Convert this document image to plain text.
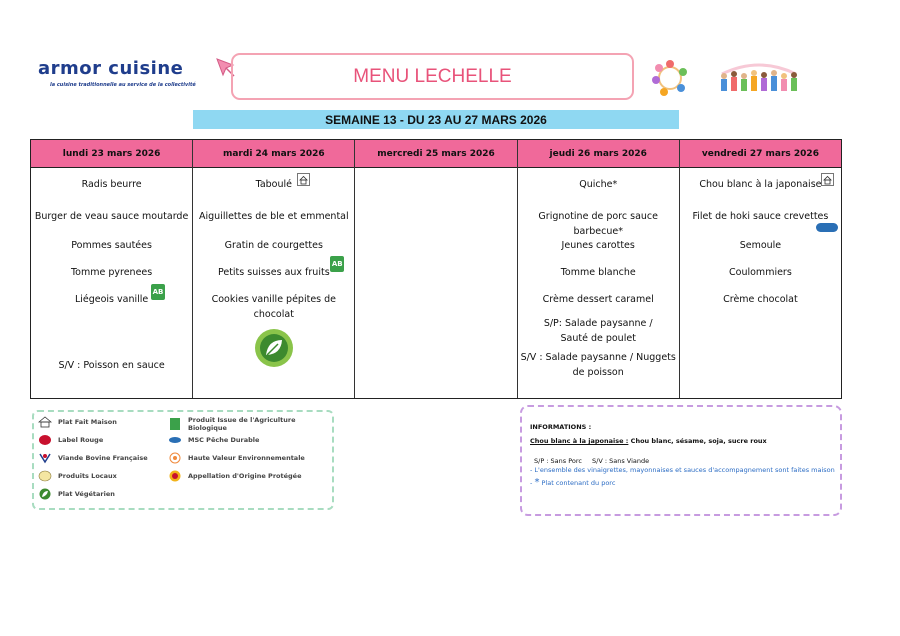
armor cuisine
la cuisine traditionnelle au service de la collectivité	MENU LECHELLE
SEMAINE 13 - DU 23 AU 27 MARS 2026
lundi 23 mars 2026
Radis beurre
Burger de veau sauce moutarde
Pommes sautées
Tomme pyrenees
Liégeois vanille
AB
S/V : Poisson en sauce
mardi 24 mars 2026
Taboulé
Aiguillettes de ble et emmental
Gratin de courgettes
Petits suisses aux fruits
AB
Cookies vanille pépites de chocolat
mercredi 25 mars 2026	jeudi 26 mars 2026
Quiche*
Grignotine de porc sauce barbecue*
Jeunes carottes
Tomme blanche
Crème dessert caramel
S/P: Salade paysanne / Sauté de poulet
S/V : Salade paysanne / Nuggets de poisson
vendredi 27 mars 2026
Chou blanc à la japonaise
Filet de hoki sauce crevettes
Semoule
Coulommiers
Crème chocolat
Plat Fait Maison
Label Rouge
Viande Bovine Française
Produits Locaux
Plat Végétarien
Produit Issue de l'Agriculture Biologique
MSC Pêche Durable
Haute Valeur Environnementale
Appellation d'Origine Protégée
INFORMATIONS :
Chou blanc à la japonaise : Chou blanc, sésame, soja, sucre roux
S/P : Sans Porc S/V : Sans Viande
- L'ensemble des vinaigrettes, mayonnaises et sauces d'accompagnement sont faites maison
- * Plat contenant du porc
